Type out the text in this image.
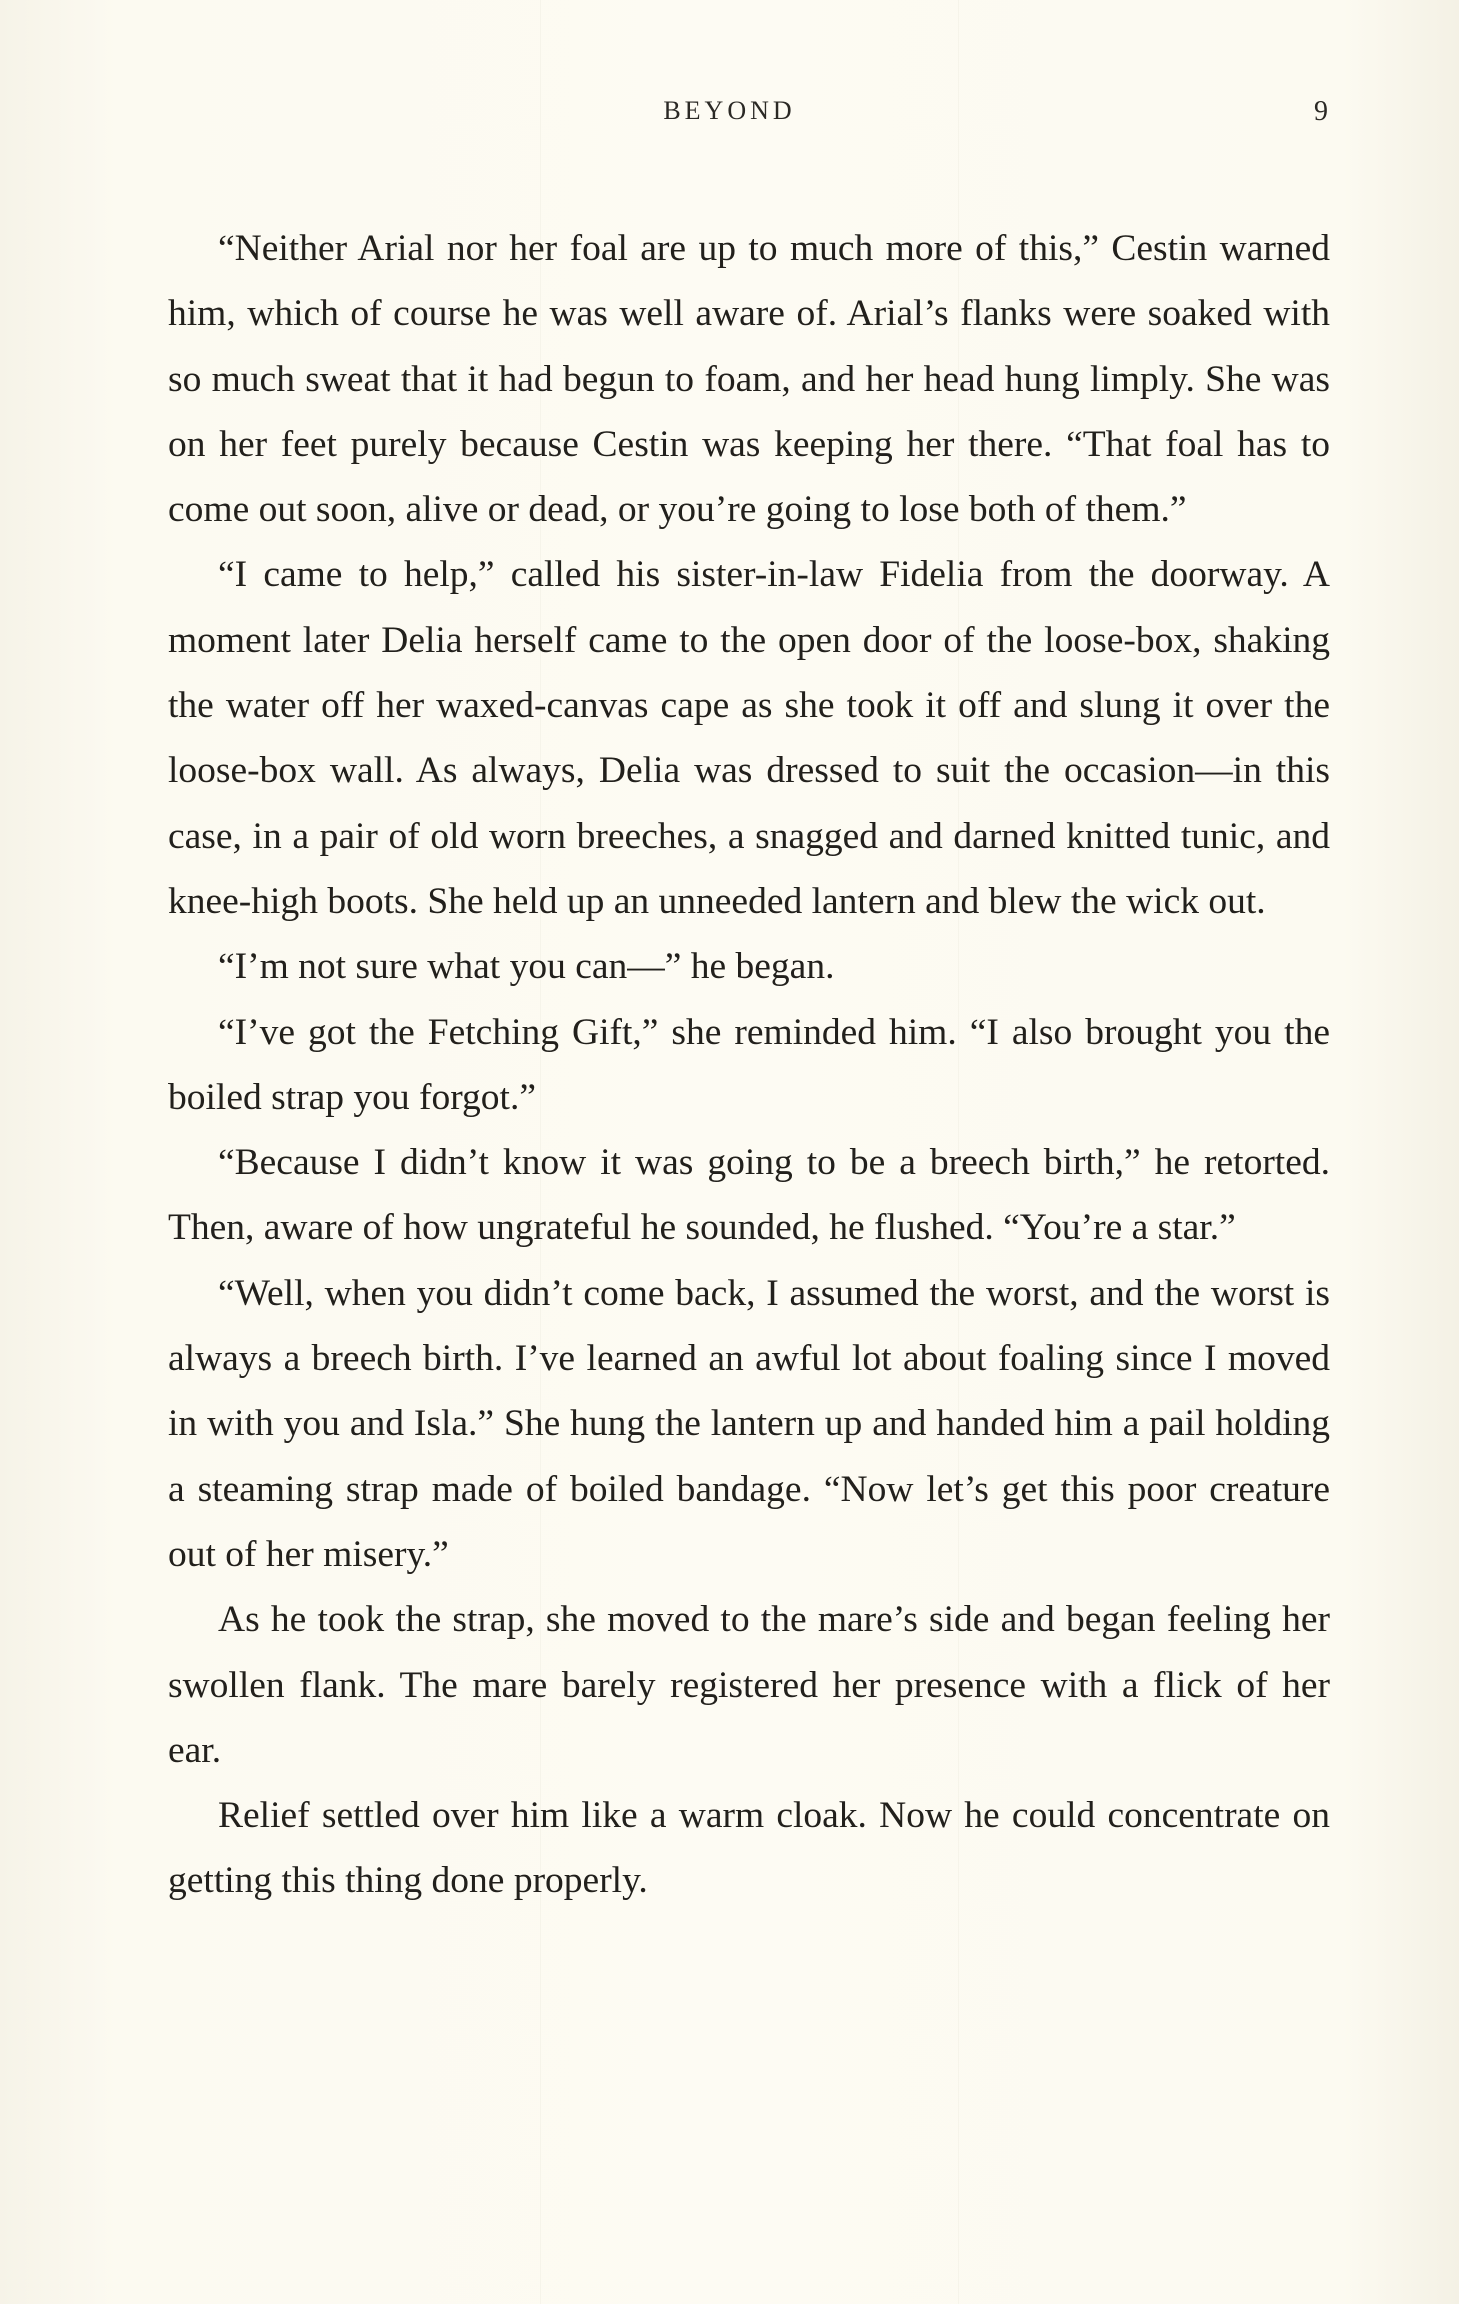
BEYOND	9

“Neither Arial nor her foal are up to much more of this,” Cestin warned him, which of course he was well aware of. Arial’s flanks were soaked with so much sweat that it had begun to foam, and her head hung limply. She was on her feet purely because Cestin was keeping her there. “That foal has to come out soon, alive or dead, or you’re going to lose both of them.”

“I came to help,” called his sister-in-law Fidelia from the doorway. A moment later Delia herself came to the open door of the loose-box, shaking the water off her waxed-canvas cape as she took it off and slung it over the loose-box wall. As always, Delia was dressed to suit the occasion—in this case, in a pair of old worn breeches, a snagged and darned knitted tunic, and knee-high boots. She held up an unneeded lantern and blew the wick out.

“I’m not sure what you can—” he began.

“I’ve got the Fetching Gift,” she reminded him. “I also brought you the boiled strap you forgot.”

“Because I didn’t know it was going to be a breech birth,” he retorted. Then, aware of how ungrateful he sounded, he flushed. “You’re a star.”

“Well, when you didn’t come back, I assumed the worst, and the worst is always a breech birth. I’ve learned an awful lot about foaling since I moved in with you and Isla.” She hung the lantern up and handed him a pail holding a steaming strap made of boiled bandage. “Now let’s get this poor creature out of her misery.”

As he took the strap, she moved to the mare’s side and began feeling her swollen flank. The mare barely registered her presence with a flick of her ear.

Relief settled over him like a warm cloak. Now he could concentrate on getting this thing done properly.
